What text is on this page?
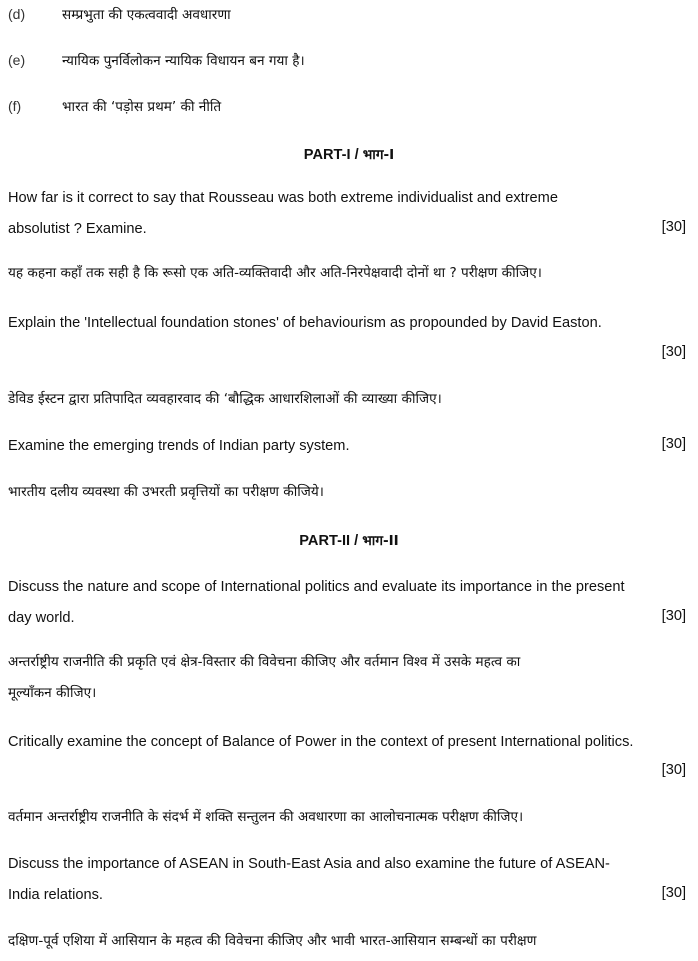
(d)	सम्प्रभुता की एकत्ववादी अवधारणा
(e)	न्यायिक पुनर्विलोकन न्यायिक विधायन बन गया है।
(f)	भारत की ‘पड़ोस प्रथम’ की नीति
PART-I / भाग-I
How far is it correct to say that Rousseau was both extreme individualist and extreme
absolutist ? Examine.	[30]
यह कहना कहाँ तक सही है कि रूसो एक अति-व्यक्तिवादी और अति-निरपेक्षवादी दोनों था ? परीक्षण कीजिए।
Explain the 'Intellectual foundation stones' of behaviourism as propounded by David Easton.
[30]
डेविड ईस्टन द्वारा प्रतिपादित व्यवहारवाद की ‘बौद्धिक आधारशिलाओं की व्याख्या कीजिए।
Examine the emerging trends of Indian party system.	[30]
भारतीय दलीय व्यवस्था की उभरती प्रवृत्तियों का परीक्षण कीजिये।
PART-II / भाग-II
Discuss the nature and scope of International politics and evaluate its importance in the present
day world.	[30]
अन्तर्राष्ट्रीय राजनीति की प्रकृति एवं क्षेत्र-विस्तार की विवेचना कीजिए और वर्तमान विश्व में उसके महत्व का
मूल्यॉंकन कीजिए।
Critically examine the concept of Balance of Power in the context of present International politics.
[30]
वर्तमान अन्तर्राष्ट्रीय राजनीति के संदर्भ में शक्ति सन्तुलन की अवधारणा का आलोचनात्मक परीक्षण कीजिए।
Discuss the importance of ASEAN in South-East Asia and also examine the future of ASEAN-
India relations.	[30]
दक्षिण-पूर्व एशिया में आसियान के महत्व की विवेचना कीजिए और भावी भारत-आसियान सम्बन्धों का परीक्षण
